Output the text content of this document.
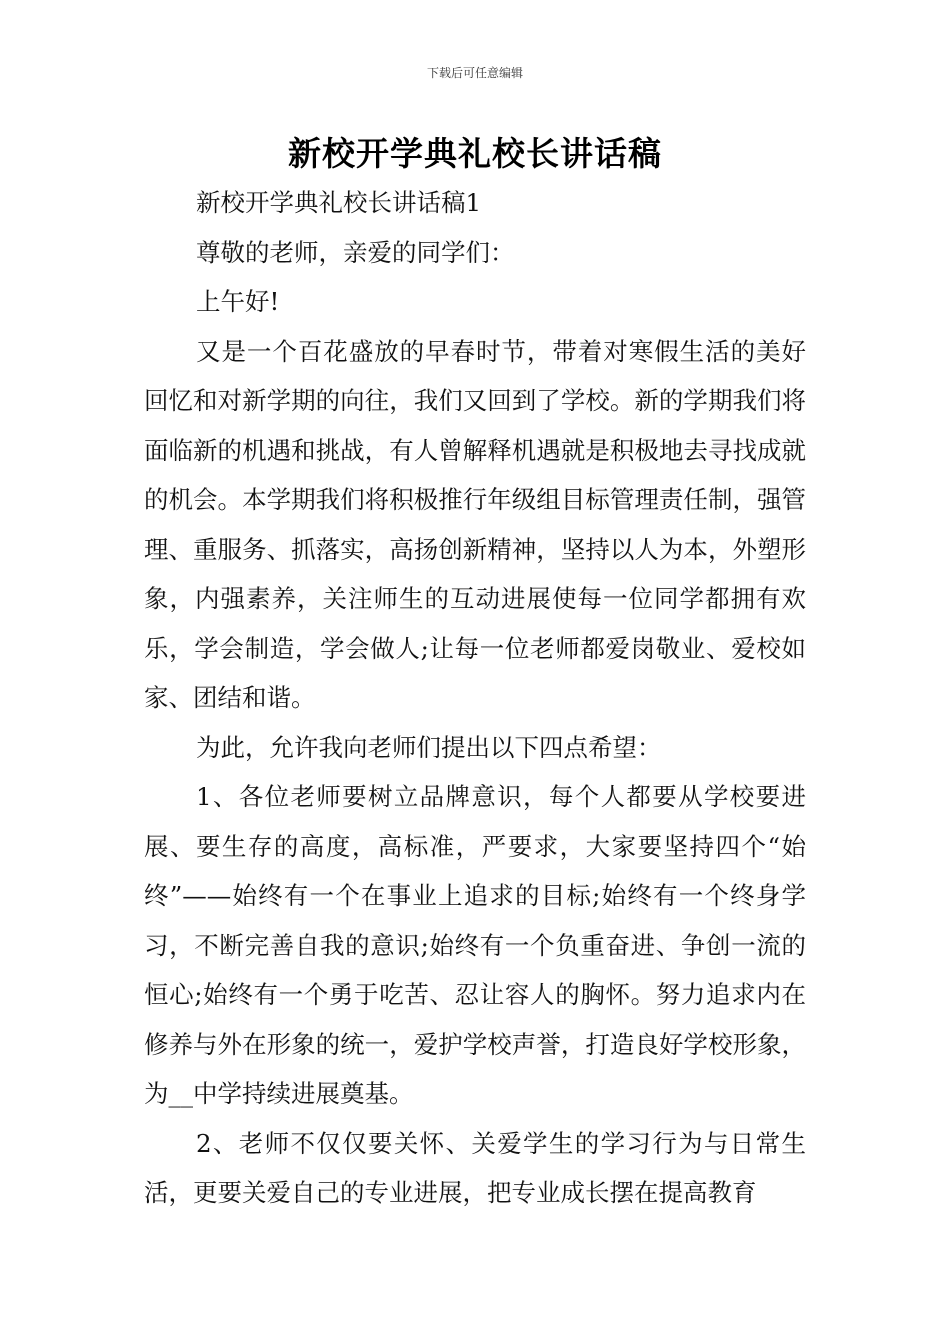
下载后可任意编辑
新校开学典礼校长讲话稿

新校开学典礼校长讲话稿1

尊敬的老师，亲爱的同学们：

上午好!

又是一个百花盛放的早春时节，带着对寒假生活的美好回忆和对新学期的向往，我们又回到了学校。新的学期我们将面临新的机遇和挑战，有人曾解释机遇就是积极地去寻找成就的机会。本学期我们将积极推行年级组目标管理责任制，强管理、重服务、抓落实，高扬创新精神，坚持以人为本，外塑形象，内强素养，关注师生的互动进展使每一位同学都拥有欢乐，学会制造，学会做人;让每一位老师都爱岗敬业、爱校如家、团结和谐。

为此，允许我向老师们提出以下四点希望：

1、各位老师要树立品牌意识，每个人都要从学校要进展、要生存的高度，高标准，严要求，大家要坚持四个“始终”——始终有一个在事业上追求的目标;始终有一个终身学习，不断完善自我的意识;始终有一个负重奋进、争创一流的恒心;始终有一个勇于吃苦、忍让容人的胸怀。努力追求内在修养与外在形象的统一，爱护学校声誉，打造良好学校形象，为__中学持续进展奠基。

2、老师不仅仅要关怀、关爱学生的学习行为与日常生活，更要关爱自己的专业进展，把专业成长摆在提高教育
